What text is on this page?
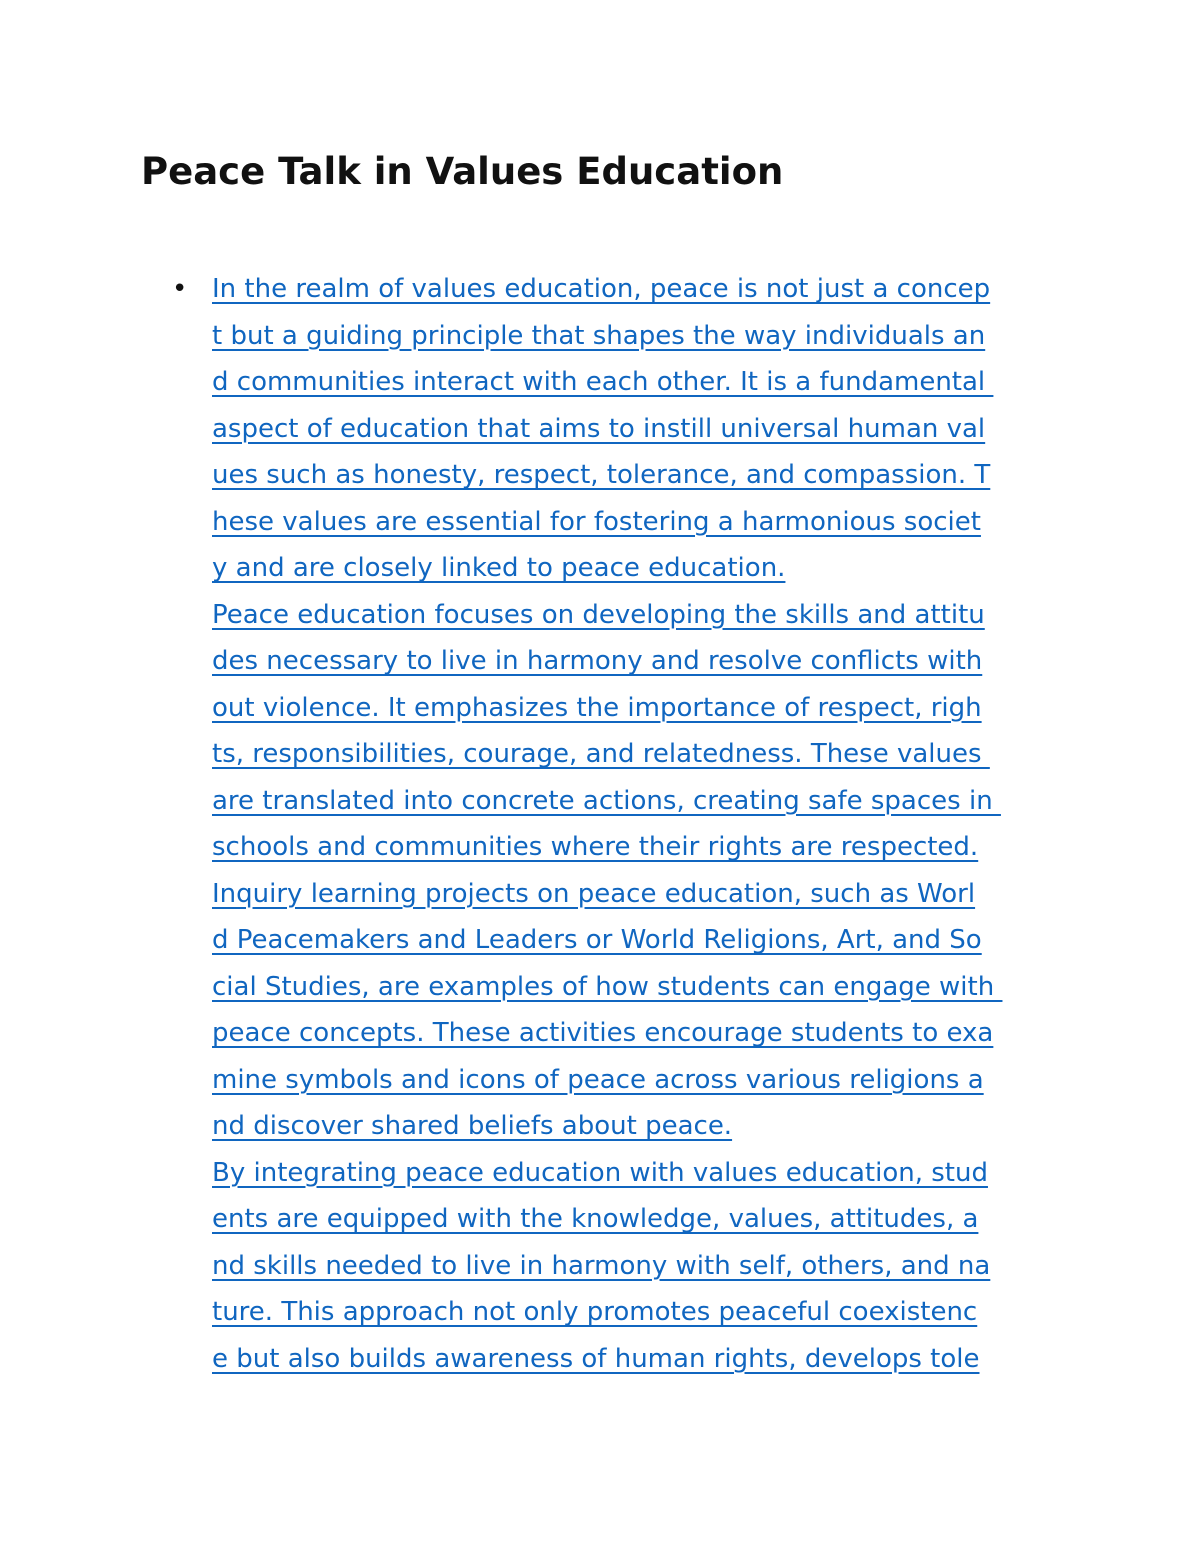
Peace Talk in Values Education
• In the realm of values education, peace is not just a concep
t but a guiding principle that shapes the way individuals an
d communities interact with each other. It is a fundamental
aspect of education that aims to instill universal human val
ues such as honesty, respect, tolerance, and compassion. T
hese values are essential for fostering a harmonious societ
y and are closely linked to peace education.
Peace education focuses on developing the skills and attitu
des necessary to live in harmony and resolve conflicts with
out violence. It emphasizes the importance of respect, righ
ts, responsibilities, courage, and relatedness. These values
are translated into concrete actions, creating safe spaces in
schools and communities where their rights are respected.
Inquiry learning projects on peace education, such as Worl
d Peacemakers and Leaders or World Religions, Art, and So
cial Studies, are examples of how students can engage with
peace concepts. These activities encourage students to exa
mine symbols and icons of peace across various religions a
nd discover shared beliefs about peace.
By integrating peace education with values education, stud
ents are equipped with the knowledge, values, attitudes, a
nd skills needed to live in harmony with self, others, and na
ture. This approach not only promotes peaceful coexistenc
e but also builds awareness of human rights, develops tole
